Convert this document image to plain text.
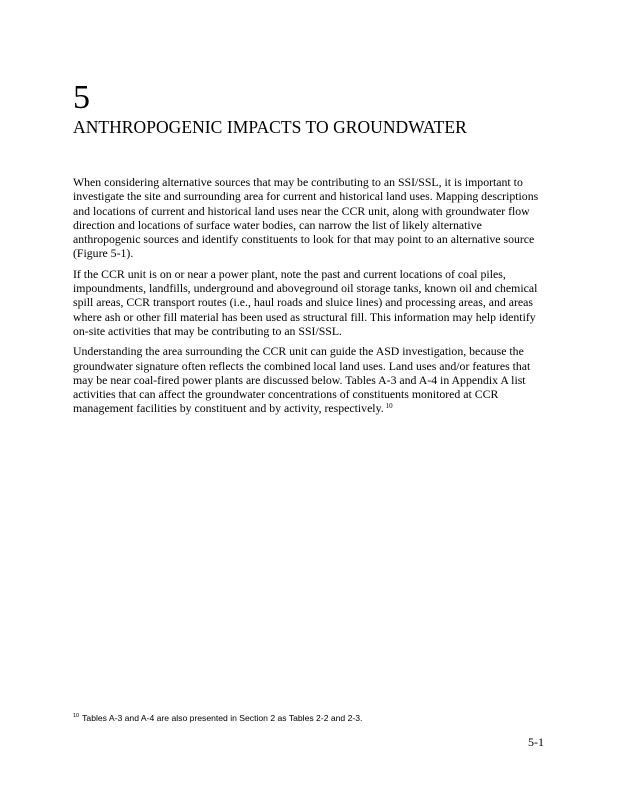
5
ANTHROPOGENIC IMPACTS TO GROUNDWATER

When considering alternative sources that may be contributing to an SSI/SSL, it is important to investigate the site and surrounding area for current and historical land uses. Mapping descriptions and locations of current and historical land uses near the CCR unit, along with groundwater flow direction and locations of surface water bodies, can narrow the list of likely alternative anthropogenic sources and identify constituents to look for that may point to an alternative source (Figure 5-1).

If the CCR unit is on or near a power plant, note the past and current locations of coal piles, impoundments, landfills, underground and aboveground oil storage tanks, known oil and chemical spill areas, CCR transport routes (i.e., haul roads and sluice lines) and processing areas, and areas where ash or other fill material has been used as structural fill. This information may help identify on-site activities that may be contributing to an SSI/SSL.

Understanding the area surrounding the CCR unit can guide the ASD investigation, because the groundwater signature often reflects the combined local land uses. Land uses and/or features that may be near coal-fired power plants are discussed below. Tables A-3 and A-4 in Appendix A list activities that can affect the groundwater concentrations of constituents monitored at CCR management facilities by constituent and by activity, respectively. $^{10}$

$^{10}$ Tables A-3 and A-4 are also presented in Section 2 as Tables 2-2 and 2-3.

5-1
